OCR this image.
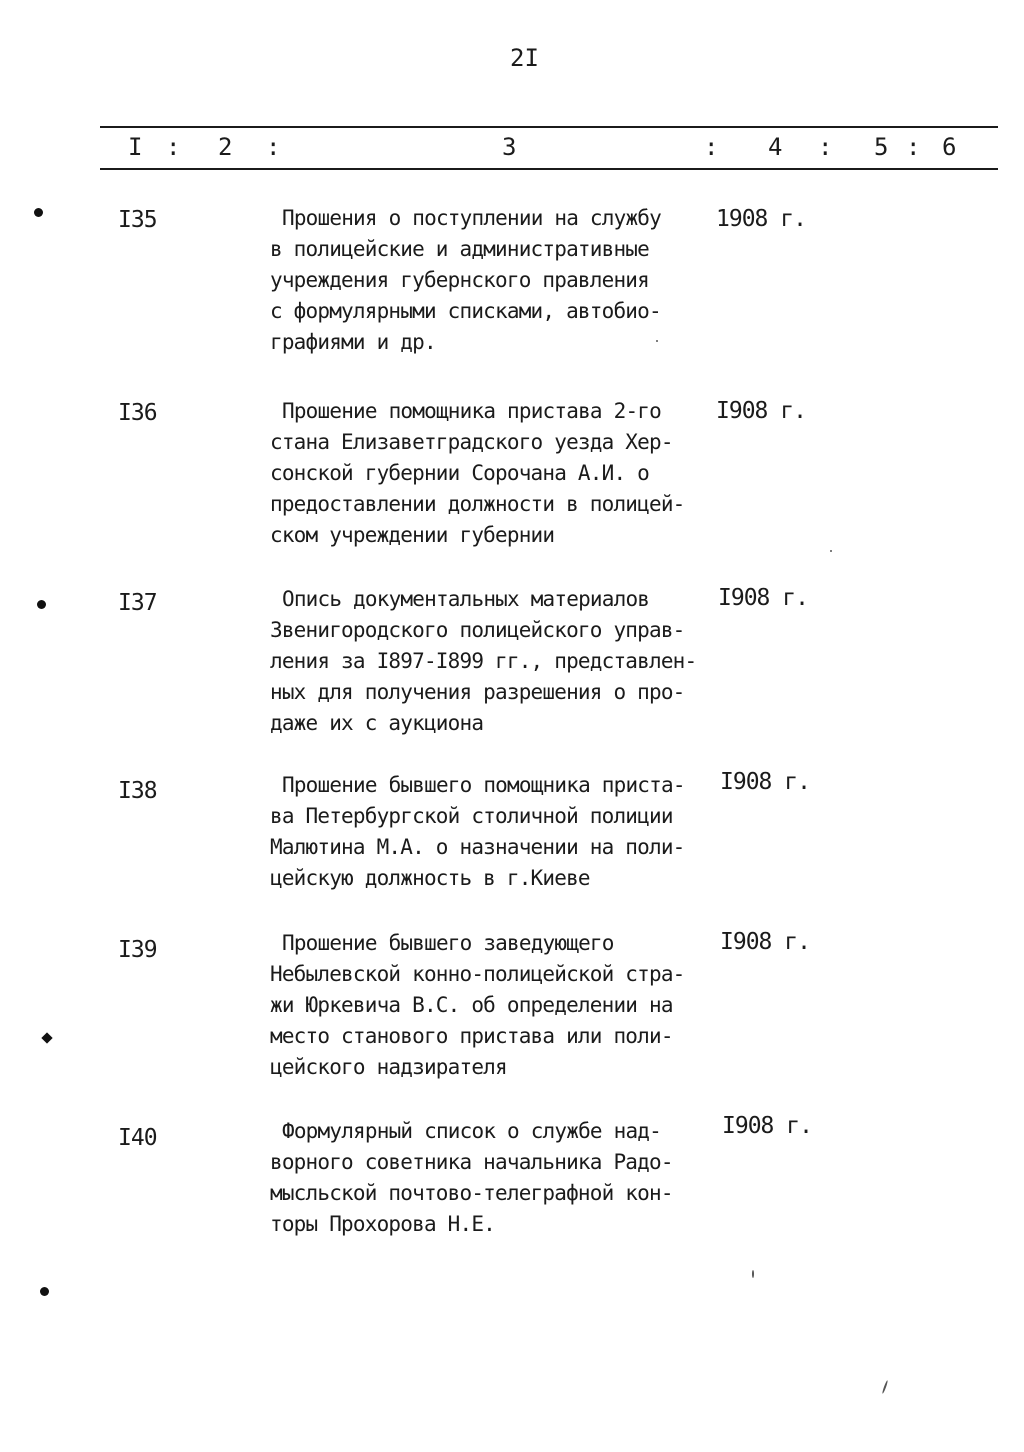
2I
I : 2 :	3	: 4 : 5 : 6
I35	Прошения о поступлении на службу
в полицейские и административные
учреждения губернского правления
с формулярными списками, автобио-
графиями и др.
1908 г.
I36	Прошение помощника пристава 2-го
стана Елизаветградского уезда Хер-
сонской губернии Сорочана А.И. о
предоставлении должности в полицей-
ском учреждении губернии
I908 г.
I37	Опись документальных материалов
Звенигородского полицейского управ-
ления за I897-I899 гг., представлен-
ных для получения разрешения о про-
даже их с аукциона
I908 г.
I38	Прошение бывшего помощника приста-
ва Петербургской столичной полиции
Малютина М.А. о назначении на поли-
цейскую должность в г.Киеве
I908 г.
I39	Прошение бывшего заведующего
Небылевской конно-полицейской стра-
жи Юркевича В.С. об определении на
место станового пристава или поли-
цейского надзирателя
I908 г.
I40	Формулярный список о службе над-
ворного советника начальника Радо-
мысльской почтово-телеграфной кон-
торы Прохорова Н.Е.
I908 г.
